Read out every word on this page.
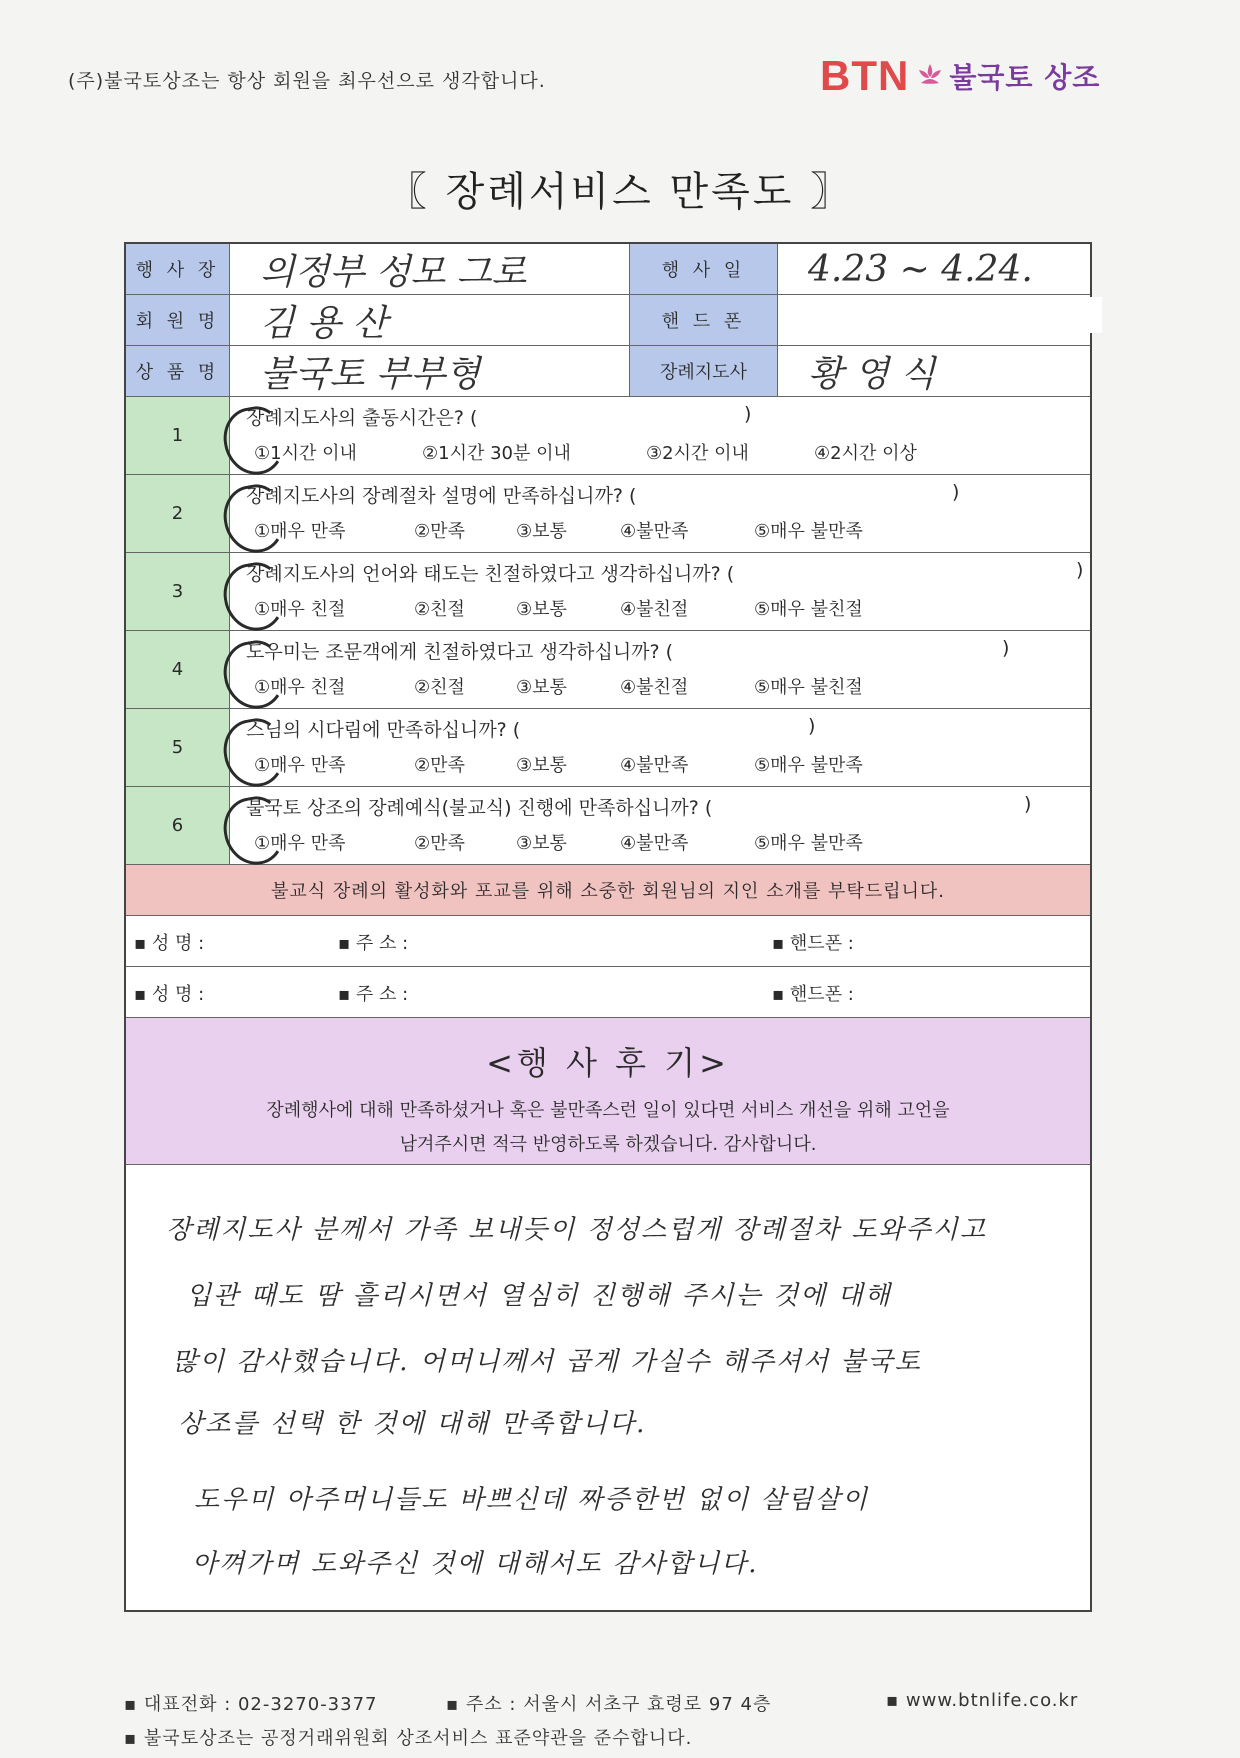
(주)불국토상조는 항상 회원을 최우선으로 생각합니다.	BTN 불국토 상조
〖 장례서비스 만족도 〗
행 사 장	의정부 성모 그로	행 사 일	4.23 ~ 4.24.
회 원 명	김 용 산	핸 드 폰
상 품 명	불국토 부부형	장례지도사	황 영 식
1
장례지도사의 출동시간은? (	)
①1시간 이내	②1시간 30분 이내	③2시간 이내	④2시간 이상
2
장례지도사의 장례절차 설명에 만족하십니까? (	)
①매우 만족	②만족	③보통	④불만족	⑤매우 불만족
3
장례지도사의 언어와 태도는 친절하였다고 생각하십니까? (	)
①매우 친절	②친절	③보통	④불친절	⑤매우 불친절
4
도우미는 조문객에게 친절하였다고 생각하십니까? (	)
①매우 친절	②친절	③보통	④불친절	⑤매우 불친절
5
스님의 시다림에 만족하십니까? (	)
①매우 만족	②만족	③보통	④불만족	⑤매우 불만족
6
불국토 상조의 장례예식(불교식) 진행에 만족하십니까? (	)
①매우 만족	②만족	③보통	④불만족	⑤매우 불만족
불교식 장례의 활성화와 포교를 위해 소중한 회원님의 지인 소개를 부탁드립니다.
▪ 성 명 :	▪ 주 소 :	▪ 핸드폰 :
▪ 성 명 :	▪ 주 소 :	▪ 핸드폰 :
<행 사 후 기>
장례행사에 대해 만족하셨거나 혹은 불만족스런 일이 있다면 서비스 개선을 위해 고언을
남겨주시면 적극 반영하도록 하겠습니다. 감사합니다.
장례지도사 분께서 가족 보내듯이 정성스럽게 장례절차 도와주시고
입관 때도 땀 흘리시면서 열심히 진행해 주시는 것에 대해
많이 감사했습니다. 어머니께서 곱게 가실수 해주셔서 불국토
상조를 선택 한 것에 대해 만족합니다.
도우미 아주머니들도 바쁘신데 짜증한번 없이 살림살이
아껴가며 도와주신 것에 대해서도 감사합니다.
▪ 대표전화 : 02-3270-3377	▪ 주소 : 서울시 서초구 효령로 97 4층	▪ www.btnlife.co.kr
▪ 불국토상조는 공정거래위원회 상조서비스 표준약관을 준수합니다.
